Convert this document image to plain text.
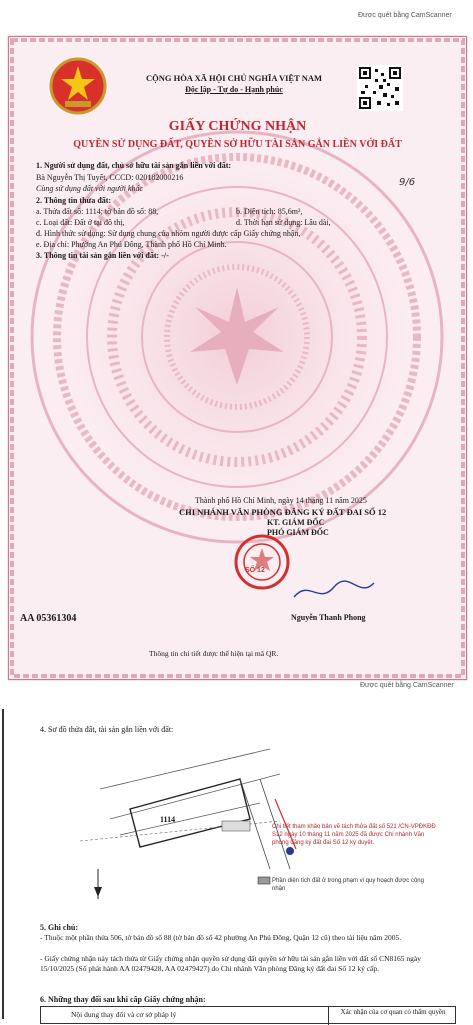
Được quét bằng CamScanner
CỘNG HÒA XÃ HỘI CHỦ NGHĨA VIỆT NAM
Độc lập - Tự do - Hạnh phúc
GIẤY CHỨNG NHẬN
QUYỀN SỬ DỤNG ĐẤT, QUYỀN SỞ HỮU TÀI SẢN GẮN LIỀN VỚI ĐẤT
1. Người sử dụng đất, chủ sở hữu tài sản gắn liền với đất:
Bà Nguyễn Thị Tuyết, CCCD: 020182000216
Cùng sử dụng đất với người khác
9/6
2. Thông tin thửa đất:
a. Thửa đất số: 1114; tờ bản đồ số: 88,	b. Diện tích: 85,6m²,
c. Loại đất: Đất ở tại đô thị,	d. Thời hạn sử dụng: Lâu dài,
đ. Hình thức sử dụng: Sử dụng chung của nhóm người được cấp Giấy chứng nhận,
e. Địa chỉ: Phường An Phú Đông, Thành phố Hồ Chí Minh.
3. Thông tin tài sản gắn liền với đất: -/-
Thành phố Hồ Chí Minh, ngày 14 tháng 11 năm 2025
CHI NHÁNH VĂN PHÒNG ĐĂNG KÝ ĐẤT ĐAI SỐ 12
KT. GIÁM ĐỐC
PHÓ GIÁM ĐỐC
SỐ 12
AA 05361304	Nguyễn Thanh Phong
Thông tin chi tiết được thể hiện tại mã QR.
Được quét bằng CamScanner
4. Sơ đồ thửa đất, tài sản gắn liền với đất:
1114
Chi tiết tham khảo bản vẽ tách thửa đất số 521 /CN-VPĐKĐĐ S12 ngày 10 tháng 11 năm 2025 đã được Chi nhánh Văn phòng đăng ký đất đai Số 12 ký duyệt.
Phần diện tích đất ở trong phạm vi quy hoạch được công nhận
5. Ghi chú:
- Thuộc một phần thửa 506, tờ bản đồ số 88 (tờ bản đồ số 42 phường An Phú Đông, Quận 12 cũ) theo tài liệu năm 2005.
- Giấy chứng nhận này tách thửa từ Giấy chứng nhận quyền sử dụng đất quyền sở hữu tài sản gắn liền với đất số CN8165 ngày 15/10/2025 (Số phát hành AA 02479428, AA 02479427) do Chi nhánh Văn phòng Đăng ký đất đai Số 12 ký cấp.
6. Những thay đổi sau khi cấp Giấy chứng nhận:
Nội dung thay đổi và cơ sở pháp lý	Xác nhận của cơ quan có thẩm quyền
